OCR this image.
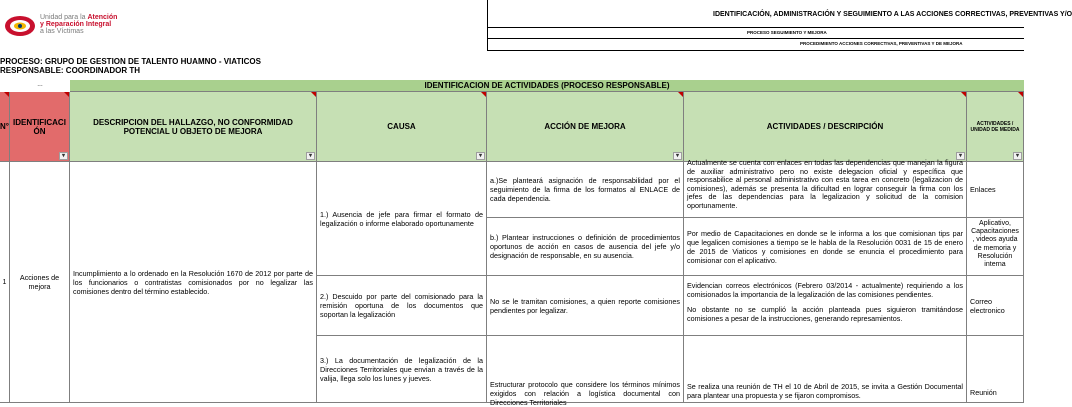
Unidad para la Atención
y Reparación Integral
a las Víctimas
IDENTIFICACIÓN, ADMINISTRACIÓN Y SEGUIMIENTO A LAS ACCIONES CORRECTIVAS, PREVENTIVAS Y/O
PROCESO SEGUIMIENTO Y MEJORA
PROCEDIMIENTO ACCIONES CORRECTIVAS, PREVENTIVAS Y DE MEJORA
PROCESO: GRUPO DE GESTION DE TALENTO HUAMNO - VIATICOS
RESPONSABLE: COORDINADOR TH
---	IDENTIFICACION DE ACTIVIDADES (PROCESO RESPONSABLE)
N° IDENTIFICACIÓN
▾
DESCRIPCION DEL HALLAZGO, NO CONFORMIDAD POTENCIAL U OBJETO DE MEJORA
▾
CAUSA
▾
ACCIÓN DE MEJORA
▾
ACTIVIDADES / DESCRIPCIÓN
▾
ACTIVIDADES / UNIDAD DE MEDIDA
▾
1 Acciones de mejora
Incumplimiento a lo ordenado en la Resolución 1670 de 2012 por parte de los funcionarios o contratistas comisionados por no legalizar las comisiones dentro del término establecido.
1.) Ausencia de jefe para firmar el formato de legalización o informe elaborado oportunamente
2.) Descuido por parte del comisionado para la remisión oportuna de los documentos que soportan la legalización
3.) La documentación de legalización de la Direcciones Territoriales que envian a través de la valija, llega solo los lunes y jueves.
a.)Se planteará asignación de responsabilidad por el seguimiento de la firma de los formatos al ENLACE de cada dependencia.
b.) Plantear instrucciones o definición de procedimientos oportunos de acción en casos de ausencia del jefe y/o designación de responsable, en su ausencia.
No se le tramitan comisiones, a quien reporte comisiones pendientes por legalizar.
Estructurar protocolo que considere los términos mínimos exigidos con relación a logística documental con Direcciones Territoriales
Actualmente se cuenta con enlaces en todas las dependencias que manejan la figura de auxiliar administrativo pero no existe delegacion oficial y específica que responsabilice al personal administrativo con esta tarea en concreto (legalizacion de comisiones), además se presenta la dificultad en lograr conseguir la firma con los jefes de las dependencias para la legalizacion y solicitud de la comision oportunamente.
Por medio de Capacitaciones en donde se le informa a los que comisionan tips par que legalicen comisiones a tiempo se le habla de la Resolución 0031 de 15 de enero de 2015 de Viaticos y comisiones en donde se enuncia el procedimiento para comisionar con el aplicativo.
Evidencian correos electrónicos (Febrero 03/2014 - actualmente) requiriendo a los comisionados la importancia de la legalización de las comisiones pendientes.
No obstante no se cumplió la acción planteada pues siguieron tramitándose comisiones a pesar de la instrucciones, generando represamientos.
Se realiza una reunión de TH el 10 de Abril de 2015, se invita a Gestión Documental para plantear una propuesta y se fijaron compromisos.
Enlaces
Aplicativo, Capacitaciones , videos ayuda de memoria y Resolución interna
Correo electronico
Reunión
